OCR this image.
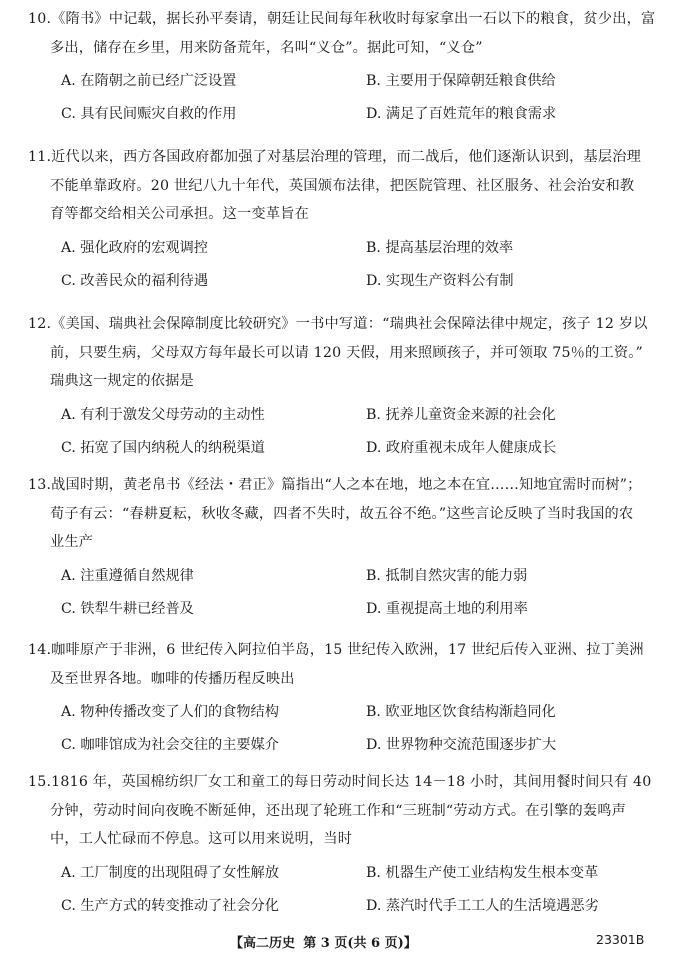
10.《隋书》中记载，据长孙平奏请，朝廷让民间每年秋收时每家拿出一石以下的粮食，贫少出，富
多出，储存在乡里，用来防备荒年，名叫“义仓”。据此可知，“义仓”
A. 在隋朝之前已经广泛设置	B. 主要用于保障朝廷粮食供给
C. 具有民间赈灾自救的作用	D. 满足了百姓荒年的粮食需求
11.近代以来，西方各国政府都加强了对基层治理的管理，而二战后，他们逐渐认识到，基层治理
不能单靠政府。20 世纪八九十年代，英国颁布法律，把医院管理、社区服务、社会治安和教
育等都交给相关公司承担。这一变革旨在
A. 强化政府的宏观调控	B. 提高基层治理的效率
C. 改善民众的福利待遇	D. 实现生产资料公有制
12.《美国、瑞典社会保障制度比较研究》一书中写道：“瑞典社会保障法律中规定，孩子 12 岁以
前，只要生病，父母双方每年最长可以请 120 天假，用来照顾孩子，并可领取 75％的工资。”
瑞典这一规定的依据是
A. 有利于激发父母劳动的主动性	B. 抚养儿童资金来源的社会化
C. 拓宽了国内纳税人的纳税渠道	D. 政府重视未成年人健康成长
13.战国时期，黄老帛书《经法・君正》篇指出“人之本在地，地之本在宜……知地宜需时而树”；
荀子有云：“春耕夏耘，秋收冬藏，四者不失时，故五谷不绝。”这些言论反映了当时我国的农
业生产
A. 注重遵循自然规律	B. 抵制自然灾害的能力弱
C. 铁犁牛耕已经普及	D. 重视提高土地的利用率
14.咖啡原产于非洲，6 世纪传入阿拉伯半岛，15 世纪传入欧洲，17 世纪后传入亚洲、拉丁美洲
及至世界各地。咖啡的传播历程反映出
A. 物种传播改变了人们的食物结构	B. 欧亚地区饮食结构渐趋同化
C. 咖啡馆成为社会交往的主要媒介	D. 世界物种交流范围逐步扩大
15.1816 年，英国棉纺织厂女工和童工的每日劳动时间长达 14－18 小时，其间用餐时间只有 40
分钟，劳动时间向夜晚不断延伸，还出现了轮班工作和“三班制“劳动方式。在引擎的轰鸣声
中，工人忙碌而不停息。这可以用来说明，当时
A. 工厂制度的出现阻碍了女性解放	B. 机器生产使工业结构发生根本变革
C. 生产方式的转变推动了社会分化	D. 蒸汽时代手工工人的生活境遇恶劣
【高二历史 第 3 页(共 6 页)】	23301B
